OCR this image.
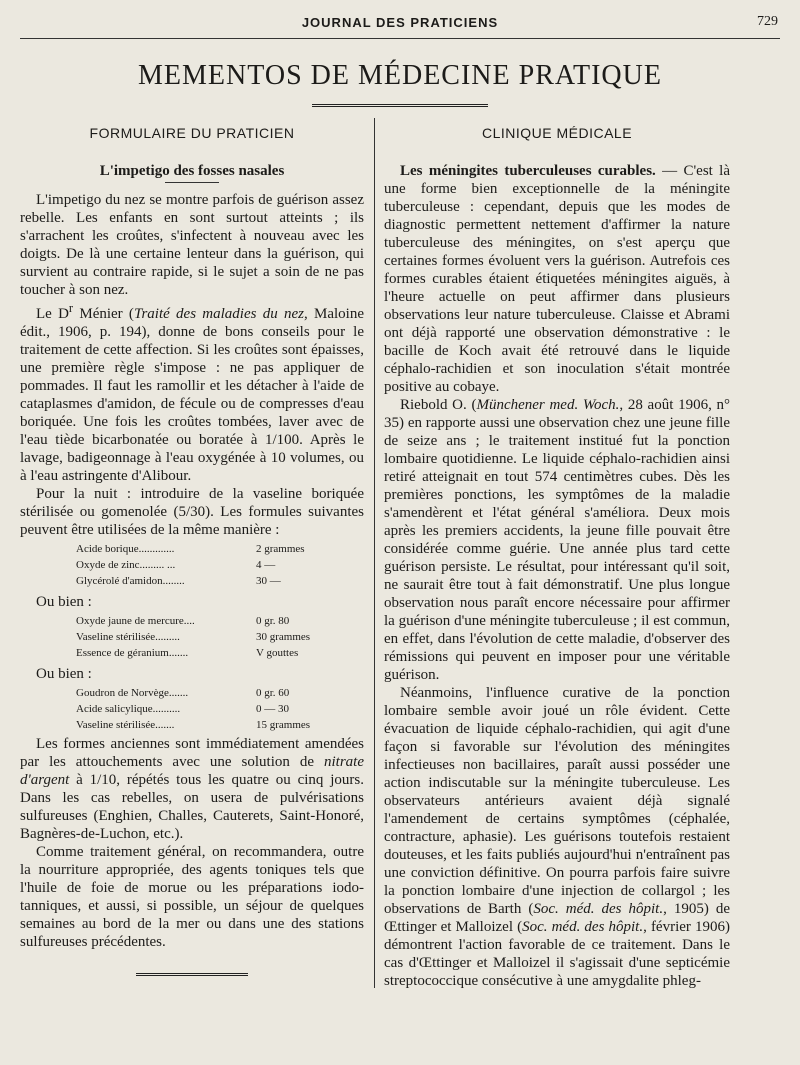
JOURNAL DES PRATICIENS	729
MEMENTOS DE MÉDECINE PRATIQUE
FORMULAIRE DU PRATICIEN
L'impetigo des fosses nasales

L'impetigo du nez se montre parfois de guérison assez rebelle. Les enfants en sont surtout atteints ; ils s'arrachent les croûtes, s'infectent à nouveau avec les doigts. De là une certaine lenteur dans la guérison, qui survient au contraire rapide, si le sujet a soin de ne pas toucher à son nez.

Le $D^r$ Ménier (Traité des maladies du nez, Maloine édit., 1906, p. 194), donne de bons conseils pour le traitement de cette affection. Si les croûtes sont épaisses, une première règle s'impose : ne pas appliquer de pommades. Il faut les ramollir et les détacher à l'aide de cataplasmes d'amidon, de fécule ou de compresses d'eau boriquée. Une fois les croûtes tombées, laver avec de l'eau tiède bicarbonatée ou boratée à 1/100. Après le lavage, badigeonnage à l'eau oxygénée à 10 volumes, ou à l'eau astringente d'Alibour.

Pour la nuit : introduire de la vaseline boriquée stérilisée ou gomenolée (5/30). Les formules suivantes peuvent être utilisées de la même manière :

Acide borique.............	2 grammes
Oxyde de zinc......... ...	4 —
Glycérolé d'amidon........	30 —
Ou bien :
Oxyde jaune de mercure....	0 gr. 80
Vaseline stérilisée.........	30 grammes
Essence de géranium.......	V gouttes
Ou bien :
Goudron de Norvège.......	0 gr. 60
Acide salicylique..........	0 — 30
Vaseline stérilisée.......	15 grammes

Les formes anciennes sont immédiatement amendées par les attouchements avec une solution de nitrate d'argent à 1/10, répétés tous les quatre ou cinq jours. Dans les cas rebelles, on usera de pulvérisations sulfureuses (Enghien, Challes, Cauterets, Saint-Honoré, Bagnères-de-Luchon, etc.).

Comme traitement général, on recommandera, outre la nourriture appropriée, des agents toniques tels que l'huile de foie de morue ou les préparations iodo-tanniques, et aussi, si possible, un séjour de quelques semaines au bord de la mer ou dans une des stations sulfureuses précédentes.

CLINIQUE MÉDICALE

Les méningites tuberculeuses curables. — C'est là une forme bien exceptionnelle de la méningite tuberculeuse : cependant, depuis que les modes de diagnostic permettent nettement d'affirmer la nature tuberculeuse des méningites, on s'est aperçu que certaines formes évoluent vers la guérison. Autrefois ces formes curables étaient étiquetées méningites aiguës, à l'heure actuelle on peut affirmer dans plusieurs observations leur nature tuberculeuse. Claisse et Abrami ont déjà rapporté une observation démonstrative : le bacille de Koch avait été retrouvé dans le liquide céphalo-rachidien et son inoculation s'était montrée positive au cobaye.

Riebold O. (Münchener med. Woch., 28 août 1906, n° 35) en rapporte aussi une observation chez une jeune fille de seize ans ; le traitement institué fut la ponction lombaire quotidienne. Le liquide céphalo-rachidien ainsi retiré atteignait en tout 574 centimètres cubes. Dès les premières ponctions, les symptômes de la maladie s'amendèrent et l'état général s'améliora. Deux mois après les premiers accidents, la jeune fille pouvait être considérée comme guérie. Une année plus tard cette guérison persiste. Le résultat, pour intéressant qu'il soit, ne saurait être tout à fait démonstratif. Une plus longue observation nous paraît encore nécessaire pour affirmer la guérison d'une méningite tuberculeuse ; il est commun, en effet, dans l'évolution de cette maladie, d'observer des rémissions qui peuvent en imposer pour une véritable guérison.

Néanmoins, l'influence curative de la ponction lombaire semble avoir joué un rôle évident. Cette évacuation de liquide céphalo-rachidien, qui agit d'une façon si favorable sur l'évolution des méningites infectieuses non bacillaires, paraît aussi posséder une action indiscutable sur la méningite tuberculeuse. Les observateurs antérieurs avaient déjà signalé l'amendement de certains symptômes (céphalée, contracture, aphasie). Les guérisons toutefois restaient douteuses, et les faits publiés aujourd'hui n'entraînent pas une conviction définitive. On pourra parfois faire suivre la ponction lombaire d'une injection de collargol ; les observations de Barth (Soc. méd. des hôpit., 1905) de Œttinger et Malloizel (Soc. méd. des hôpit., février 1906) démontrent l'action favorable de ce traitement. Dans le cas d'Œttinger et Malloizel il s'agissait d'une septicémie streptococcique consécutive à une amygdalite phleg-
